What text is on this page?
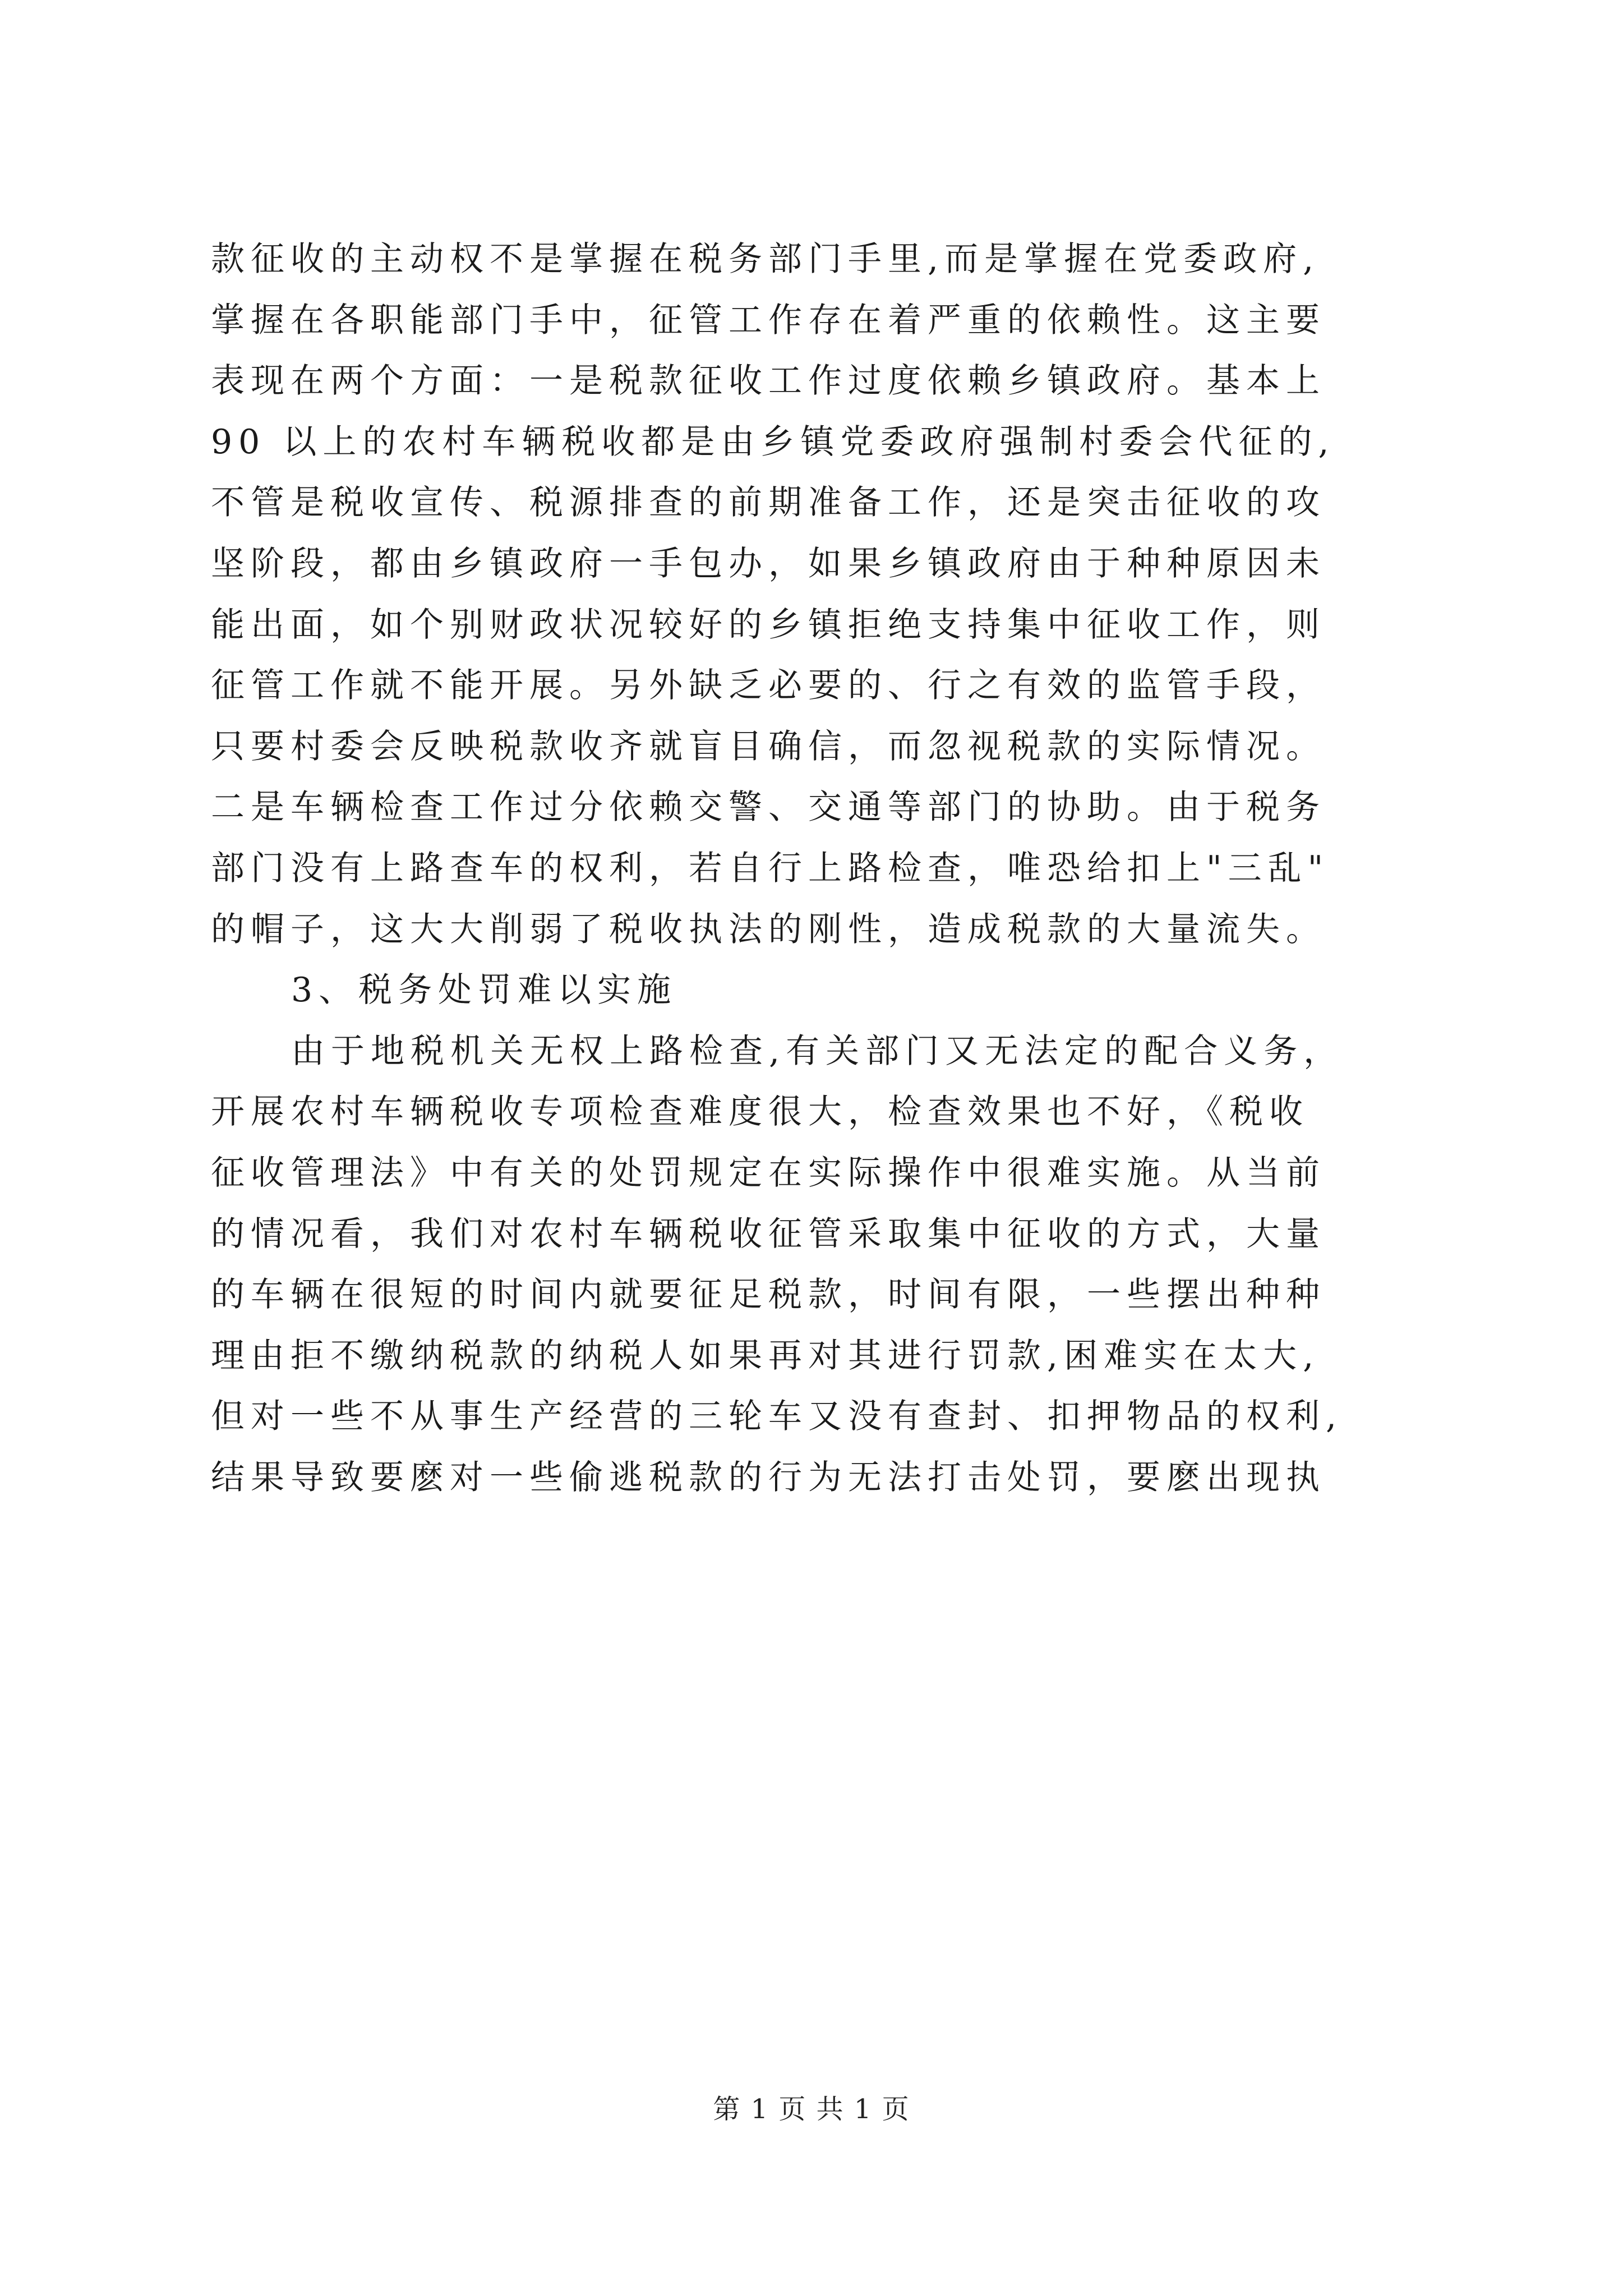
款征收的主动权不是掌握在税务部门手里,而是掌握在党委政府,
掌握在各职能部门手中，征管工作存在着严重的依赖性。这主要
表现在两个方面：一是税款征收工作过度依赖乡镇政府。基本上
90 以上的农村车辆税收都是由乡镇党委政府强制村委会代征的,
不管是税收宣传、税源排查的前期准备工作，还是突击征收的攻
坚阶段，都由乡镇政府一手包办，如果乡镇政府由于种种原因未
能出面，如个别财政状况较好的乡镇拒绝支持集中征收工作，则
征管工作就不能开展。另外缺乏必要的、行之有效的监管手段，
只要村委会反映税款收齐就盲目确信，而忽视税款的实际情况。
二是车辆检查工作过分依赖交警、交通等部门的协助。由于税务
部门没有上路查车的权利，若自行上路检查，唯恐给扣上"三乱"
的帽子，这大大削弱了税收执法的刚性，造成税款的大量流失。
3、税务处罚难以实施
由于地税机关无权上路检查,有关部门又无法定的配合义务，
开展农村车辆税收专项检查难度很大，检查效果也不好，《税收
征收管理法》中有关的处罚规定在实际操作中很难实施。从当前
的情况看，我们对农村车辆税收征管采取集中征收的方式，大量
的车辆在很短的时间内就要征足税款，时间有限，一些摆出种种
理由拒不缴纳税款的纳税人如果再对其进行罚款,困难实在太大,
但对一些不从事生产经营的三轮车又没有查封、扣押物品的权利,
结果导致要麽对一些偷逃税款的行为无法打击处罚，要麽出现执
第 1 页 共 1 页
